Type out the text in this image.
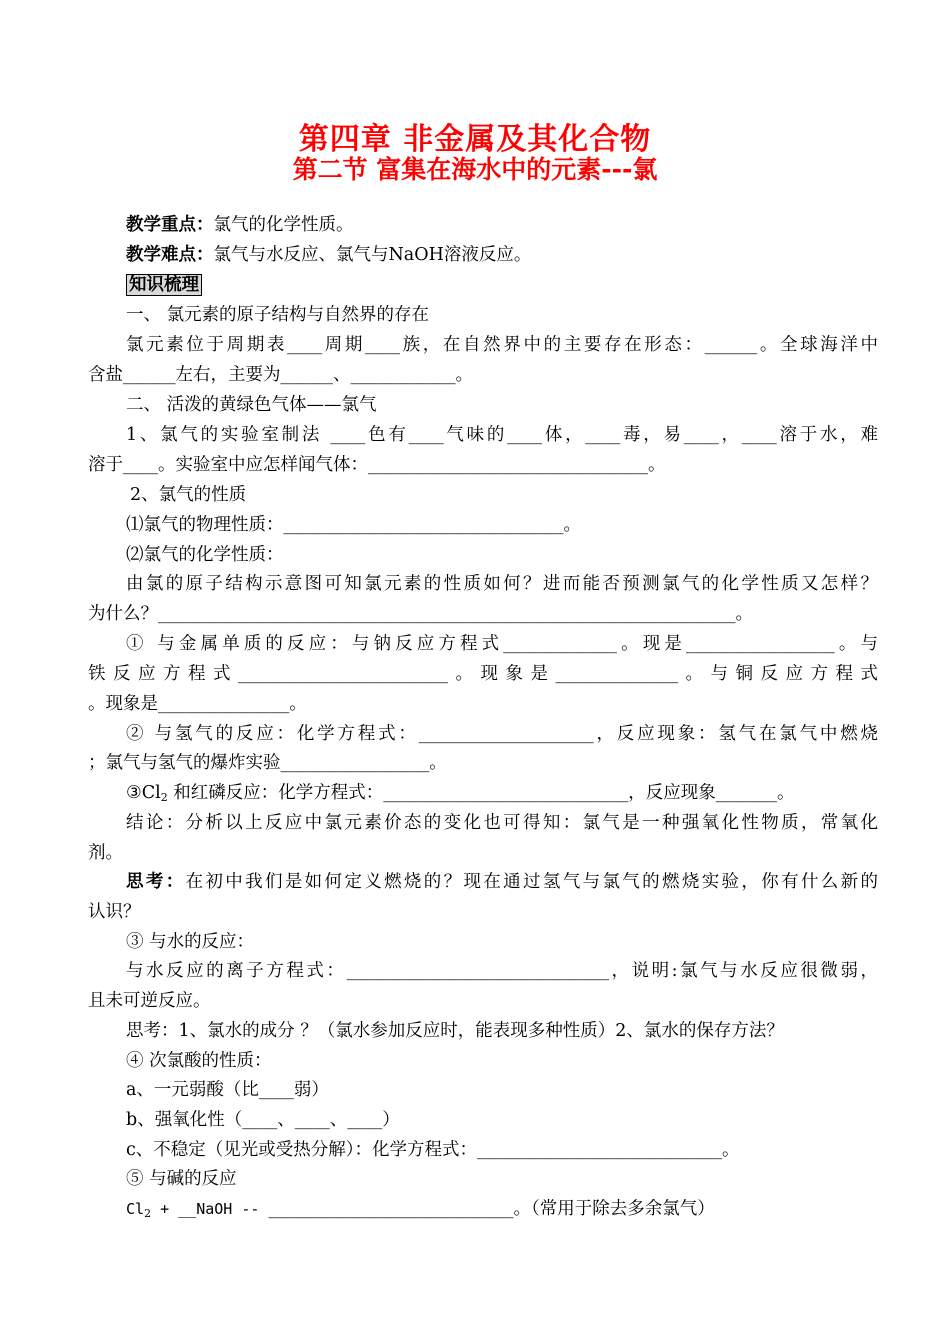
第四章 非金属及其化合物
第二节 富集在海水中的元素---氯
教学重点：氯气的化学性质。
教学难点：氯气与水反应、氯气与NaOH溶液反应。
知识梳理
一、 氯元素的原子结构与自然界的存在
氯元素位于周期表____周期____族，在自然界中的主要存在形态：______。全球海洋中
含盐______左右，主要为______、____________。
二、 活泼的黄绿色气体——氯气
1、氯气的实验室制法 ____色有____气味的____体，____毒，易____，____溶于水，难
溶于____。实验室中应怎样闻气体：________________________________。
2、氯气的性质
⑴氯气的物理性质：________________________________。
⑵氯气的化学性质：
由氯的原子结构示意图可知氯元素的性质如何？进而能否预测氯气的化学性质又怎样？
为什么？__________________________________________________________________。
① 与金属单质的反应：与钠反应方程式_____________。现是_________________。与
铁反应方程式________________________。现象是______________。与铜反应方程式
。现象是_______________。
② 与氢气的反应：化学方程式：____________________，反应现象：氢气在氯气中燃烧
；氯气与氢气的爆炸实验_________________。
$③Cl_2$ 和红磷反应：化学方程式：____________________________，反应现象_______。
结论：分析以上反应中氯元素价态的变化也可得知：氯气是一种强氧化性物质，常氧化
剂。
思考：在初中我们是如何定义燃烧的？现在通过氢气与氯气的燃烧实验，你有什么新的
认识？
③ 与水的反应：
与水反应的离子方程式：______________________________，说明:氯气与水反应很微弱，
且未可逆反应。
思考：1、氯水的成分 ？（氯水参加反应时，能表现多种性质）2、氯水的保存方法？
④ 次氯酸的性质：
a、一元弱酸（比____弱）
b、强氧化性（____、____、____）
c、不稳定（见光或受热分解）：化学方程式：____________________________。
⑤ 与碱的反应
$Cl_2$ + __NaOH -- ____________________________。（常用于除去多余氯气）
